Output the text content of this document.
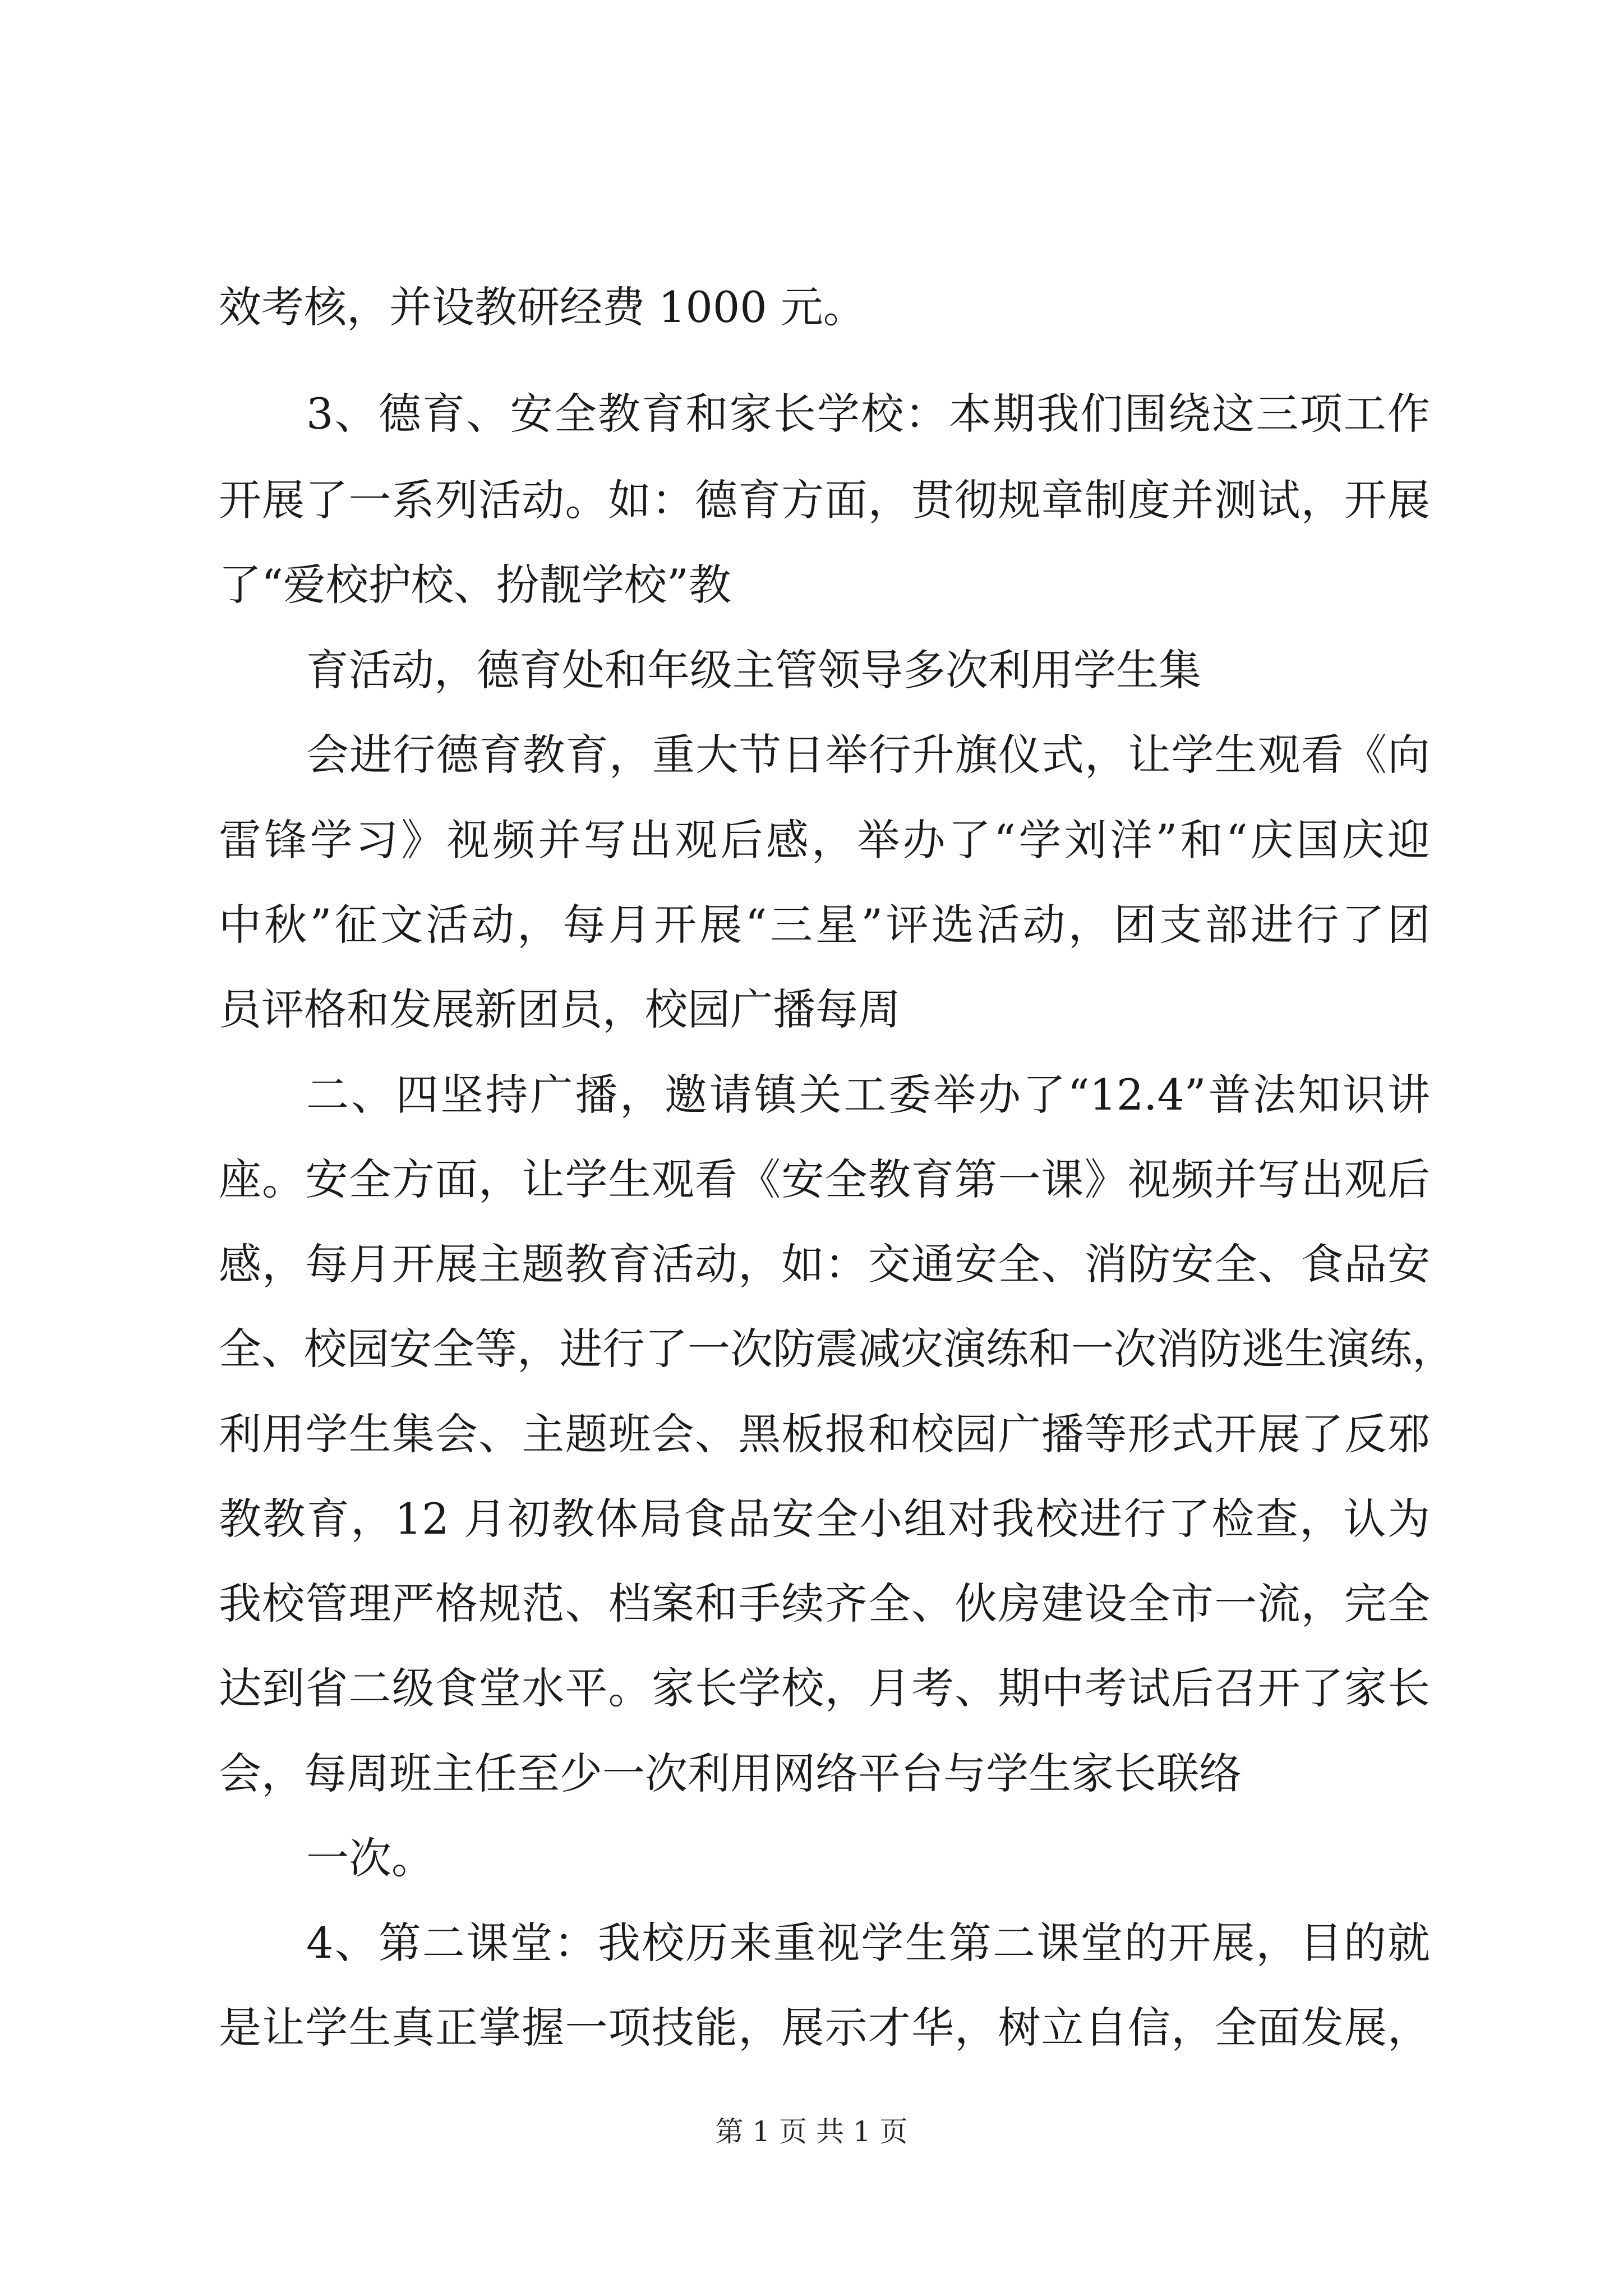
效考核，并设教研经费 1000 元。
3、德育、安全教育和家长学校：本期我们围绕这三项工作
开展了一系列活动。如：德育方面，贯彻规章制度并测试，开展
了“爱校护校、扮靓学校”教
育活动，德育处和年级主管领导多次利用学生集
会进行德育教育，重大节日举行升旗仪式，让学生观看《向
雷锋学习》视频并写出观后感，举办了“学刘洋”和“庆国庆迎
中秋”征文活动，每月开展“三星”评选活动，团支部进行了团
员评格和发展新团员，校园广播每周
二、四坚持广播，邀请镇关工委举办了“12.4”普法知识讲
座。安全方面，让学生观看《安全教育第一课》视频并写出观后
感，每月开展主题教育活动，如：交通安全、消防安全、食品安
全、校园安全等，进行了一次防震减灾演练和一次消防逃生演练，
利用学生集会、主题班会、黑板报和校园广播等形式开展了反邪
教教育，12 月初教体局食品安全小组对我校进行了检查，认为
我校管理严格规范、档案和手续齐全、伙房建设全市一流，完全
达到省二级食堂水平。家长学校，月考、期中考试后召开了家长
会，每周班主任至少一次利用网络平台与学生家长联络
一次。
4、第二课堂：我校历来重视学生第二课堂的开展，目的就
是让学生真正掌握一项技能，展示才华，树立自信，全面发展，
第 1 页 共 1 页
